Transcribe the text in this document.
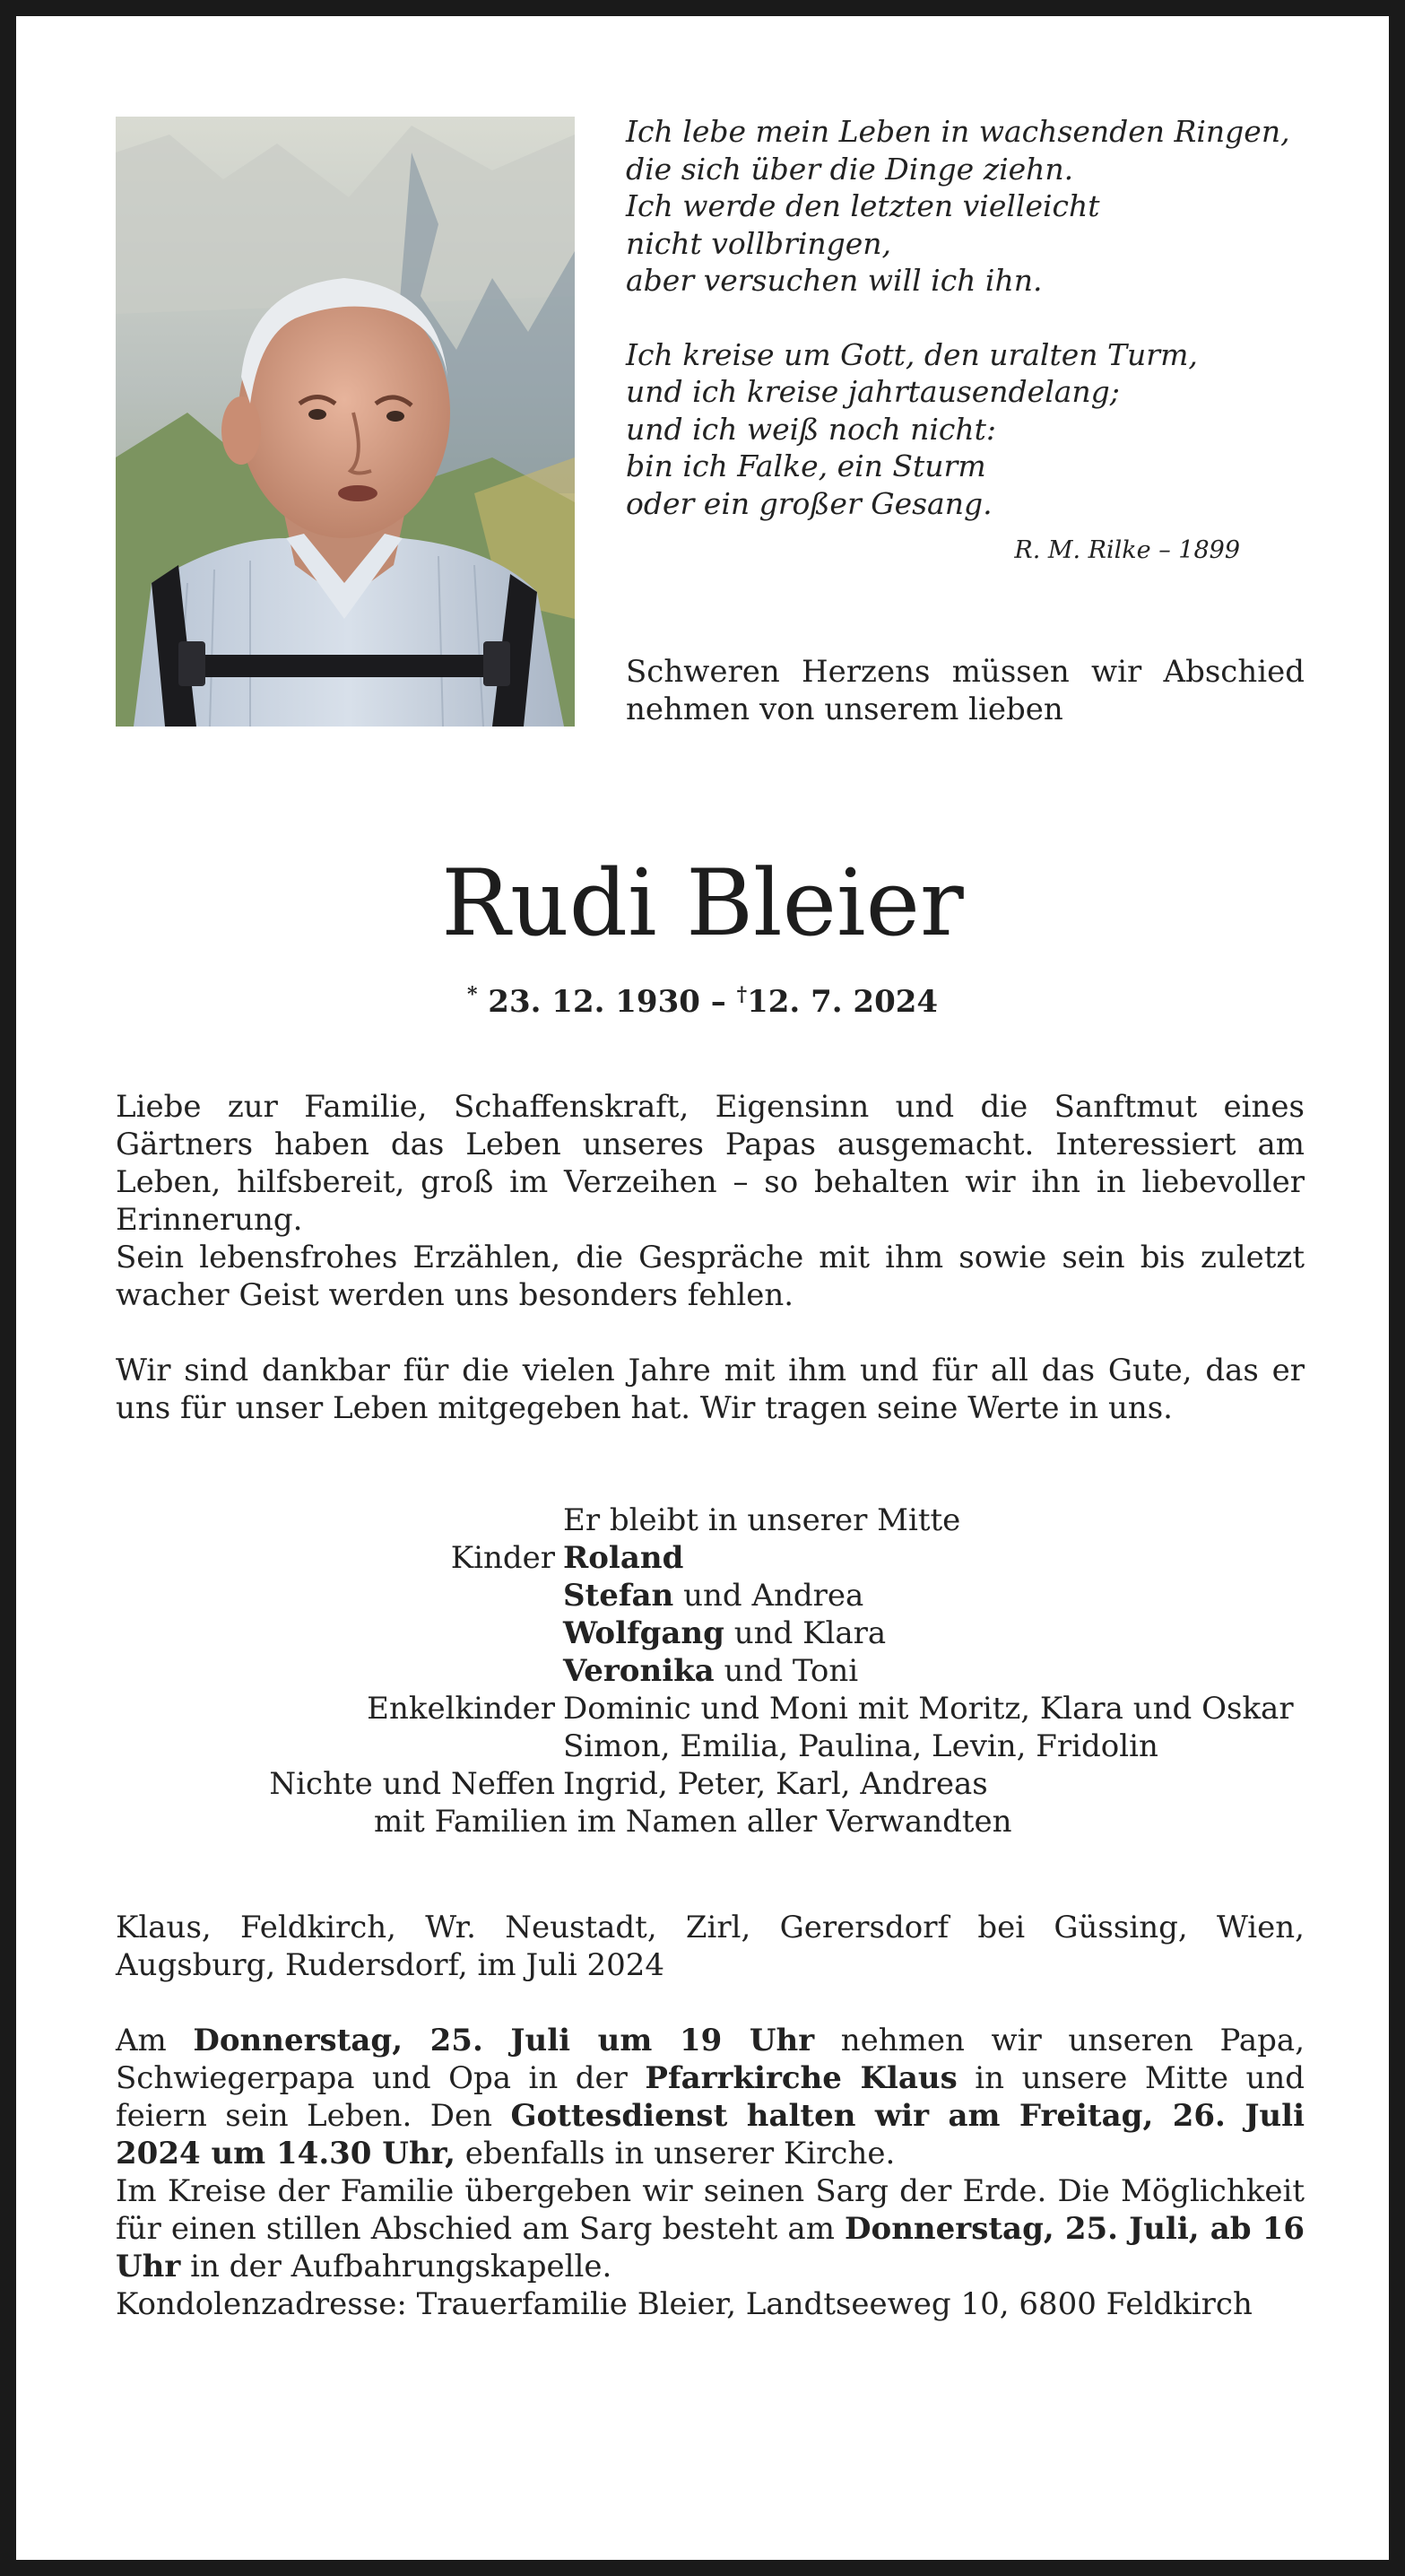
Ich lebe mein Leben in wachsenden Ringen,

die sich über die Dinge ziehn.

Ich werde den letzten vielleicht

nicht vollbringen,

aber versuchen will ich ihn.

Ich kreise um Gott, den uralten Turm,

und ich kreise jahrtausendelang;

und ich weiß noch nicht:

bin ich Falke, ein Sturm

oder ein großer Gesang.

R. M. Rilke – 1899
Schweren Herzens müssen wir Abschied nehmen von unserem lieben
Rudi Bleier
* 23. 12. 1930 – †12. 7. 2024

Liebe zur Familie, Schaffenskraft, Eigensinn und die Sanftmut eines Gärtners haben das Leben unseres Papas ausgemacht. Interessiert am Leben, hilfsbereit, groß im Verzeihen – so behalten wir ihn in liebevoller Erinnerung.

Sein lebensfrohes Erzählen, die Gespräche mit ihm sowie sein bis zuletzt wacher Geist werden uns besonders fehlen.

Wir sind dankbar für die vielen Jahre mit ihm und für all das Gute, das er uns für unser Leben mitgegeben hat. Wir tragen seine Werte in uns.

Er bleibt in unserer Mitte
Kinder Roland
Stefan und Andrea
Wolfgang und Klara
Veronika und Toni
Enkelkinder Dominic und Moni mit Moritz, Klara und Oskar
Simon, Emilia, Paulina, Levin, Fridolin
Nichte und Neffen Ingrid, Peter, Karl, Andreas
mit Familien im Namen aller Verwandten

Klaus, Feldkirch, Wr. Neustadt, Zirl, Gerersdorf bei Güssing, Wien, Augsburg, Rudersdorf, im Juli 2024

Am Donnerstag, 25. Juli um 19 Uhr nehmen wir unseren Papa, Schwiegerpapa und Opa in der Pfarrkirche Klaus in unsere Mitte und feiern sein Leben. Den Gottesdienst halten wir am Freitag, 26. Juli 2024 um 14.30 Uhr, ebenfalls in unserer Kirche.

Im Kreise der Familie übergeben wir seinen Sarg der Erde. Die Möglichkeit für einen stillen Abschied am Sarg besteht am Donnerstag, 25. Juli, ab 16 Uhr in der Aufbahrungskapelle.

Kondolenzadresse: Trauerfamilie Bleier, Landtseeweg 10, 6800 Feldkirch
